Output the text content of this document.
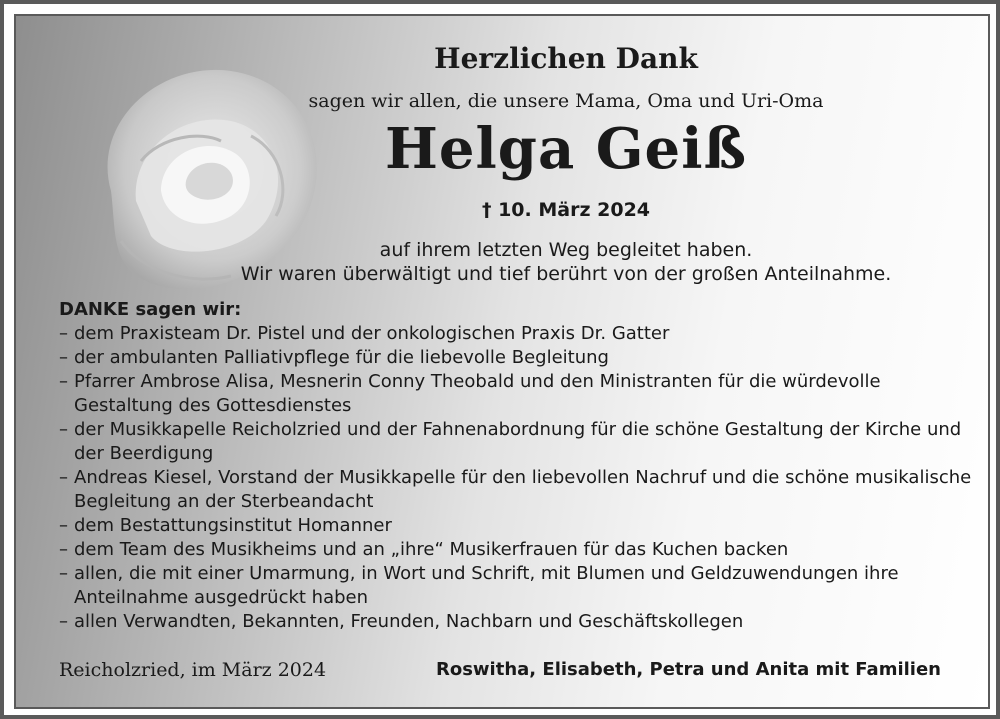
Herzlichen Dank
sagen wir allen, die unsere Mama, Oma und Uri-Oma
Helga Geiß
† 10. März 2024
auf ihrem letzten Weg begleitet haben.
Wir waren überwältigt und tief berührt von der großen Anteilnahme.
DANKE sagen wir:
– dem Praxisteam Dr. Pistel und der onkologischen Praxis Dr. Gatter
– der ambulanten Palliativpflege für die liebevolle Begleitung
– Pfarrer Ambrose Alisa, Mesnerin Conny Theobald und den Ministranten für die würdevolle Gestaltung des Gottesdienstes
– der Musikkapelle Reicholzried und der Fahnenabordnung für die schöne Gestaltung der Kirche und der Beerdigung
– Andreas Kiesel, Vorstand der Musikkapelle für den liebevollen Nachruf und die schöne musikalische Begleitung an der Sterbeandacht
– dem Bestattungsinstitut Homanner
– dem Team des Musikheims und an „ihre“ Musikerfrauen für das Kuchen backen
– allen, die mit einer Umarmung, in Wort und Schrift, mit Blumen und Geldzuwendungen ihre Anteilnahme ausgedrückt haben
– allen Verwandten, Bekannten, Freunden, Nachbarn und Geschäftskollegen
Reicholzried, im März 2024	Roswitha, Elisabeth, Petra und Anita mit Familien
